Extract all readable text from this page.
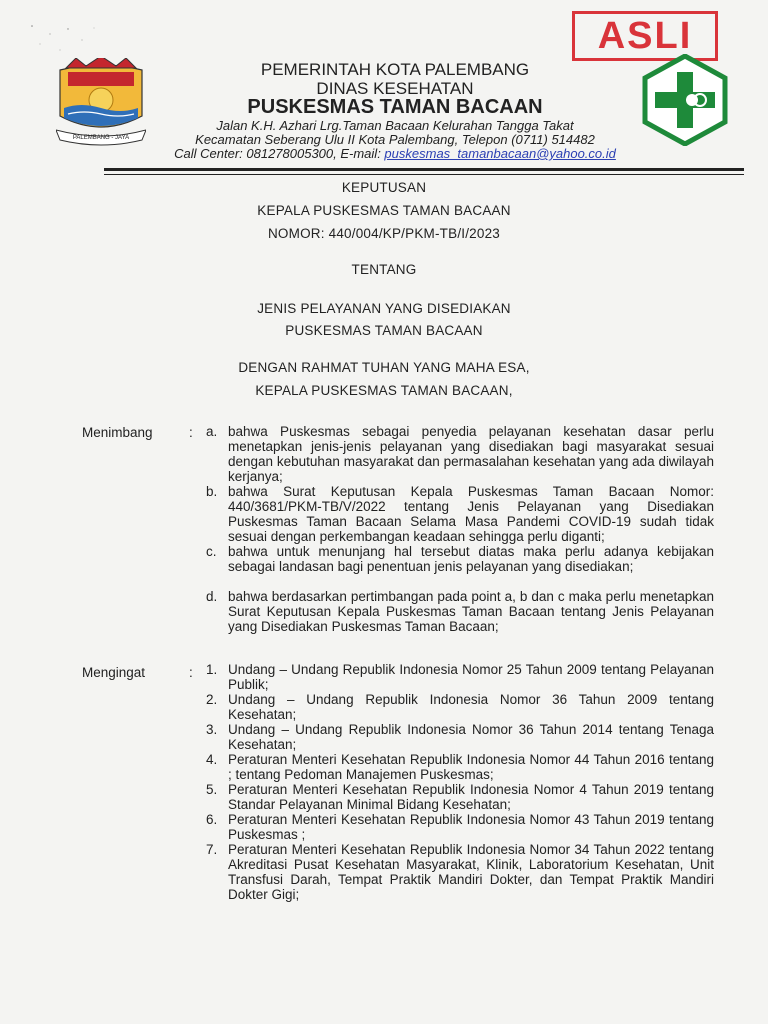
ASLI
PALEMBANG - JAYA
PEMERINTAH KOTA PALEMBANG
DINAS KESEHATAN
PUSKESMAS TAMAN BACAAN
Jalan K.H. Azhari Lrg.Taman Bacaan Kelurahan Tangga Takat
Kecamatan Seberang Ulu II Kota Palembang, Telepon (0711) 514482
Call Center: 081278005300, E-mail: puskesmas_tamanbacaan@yahoo.co.id
KEPUTUSAN
KEPALA PUSKESMAS TAMAN BACAAN
NOMOR: 440/004/KP/PKM-TB/I/2023
TENTANG
JENIS PELAYANAN YANG DISEDIAKAN
PUSKESMAS TAMAN BACAAN
DENGAN RAHMAT TUHAN YANG MAHA ESA,
KEPALA PUSKESMAS TAMAN BACAAN,
Menimbang	: a. bahwa Puskesmas sebagai penyedia pelayanan kesehatan dasar perlu menetapkan jenis-jenis pelayanan yang disediakan bagi masyarakat sesuai dengan kebutuhan masyarakat dan permasalahan kesehatan yang ada diwilayah kerjanya;
b. bahwa Surat Keputusan Kepala Puskesmas Taman Bacaan Nomor: 440/3681/PKM-TB/V/2022 tentang Jenis Pelayanan yang Disediakan Puskesmas Taman Bacaan Selama Masa Pandemi COVID-19 sudah tidak sesuai dengan perkembangan keadaan sehingga perlu diganti;
c. bahwa untuk menunjang hal tersebut diatas maka perlu adanya kebijakan sebagai landasan bagi penentuan jenis pelayanan yang disediakan;
d. bahwa berdasarkan pertimbangan pada point a, b dan c maka perlu menetapkan Surat Keputusan Kepala Puskesmas Taman Bacaan tentang Jenis Pelayanan yang Disediakan Puskesmas Taman Bacaan;
Mengingat	: 1. Undang – Undang Republik Indonesia Nomor 25 Tahun 2009 tentang Pelayanan Publik;
2. Undang – Undang Republik Indonesia Nomor 36 Tahun 2009 tentang Kesehatan;
3. Undang – Undang Republik Indonesia Nomor 36 Tahun 2014 tentang Tenaga Kesehatan;
4. Peraturan Menteri Kesehatan Republik Indonesia Nomor 44 Tahun 2016 tentang ; tentang Pedoman Manajemen Puskesmas;
5. Peraturan Menteri Kesehatan Republik Indonesia Nomor 4 Tahun 2019 tentang Standar Pelayanan Minimal Bidang Kesehatan;
6. Peraturan Menteri Kesehatan Republik Indonesia Nomor 43 Tahun 2019 tentang Puskesmas ;
7. Peraturan Menteri Kesehatan Republik Indonesia Nomor 34 Tahun 2022 tentang Akreditasi Pusat Kesehatan Masyarakat, Klinik, Laboratorium Kesehatan, Unit Transfusi Darah, Tempat Praktik Mandiri Dokter, dan Tempat Praktik Mandiri Dokter Gigi;
